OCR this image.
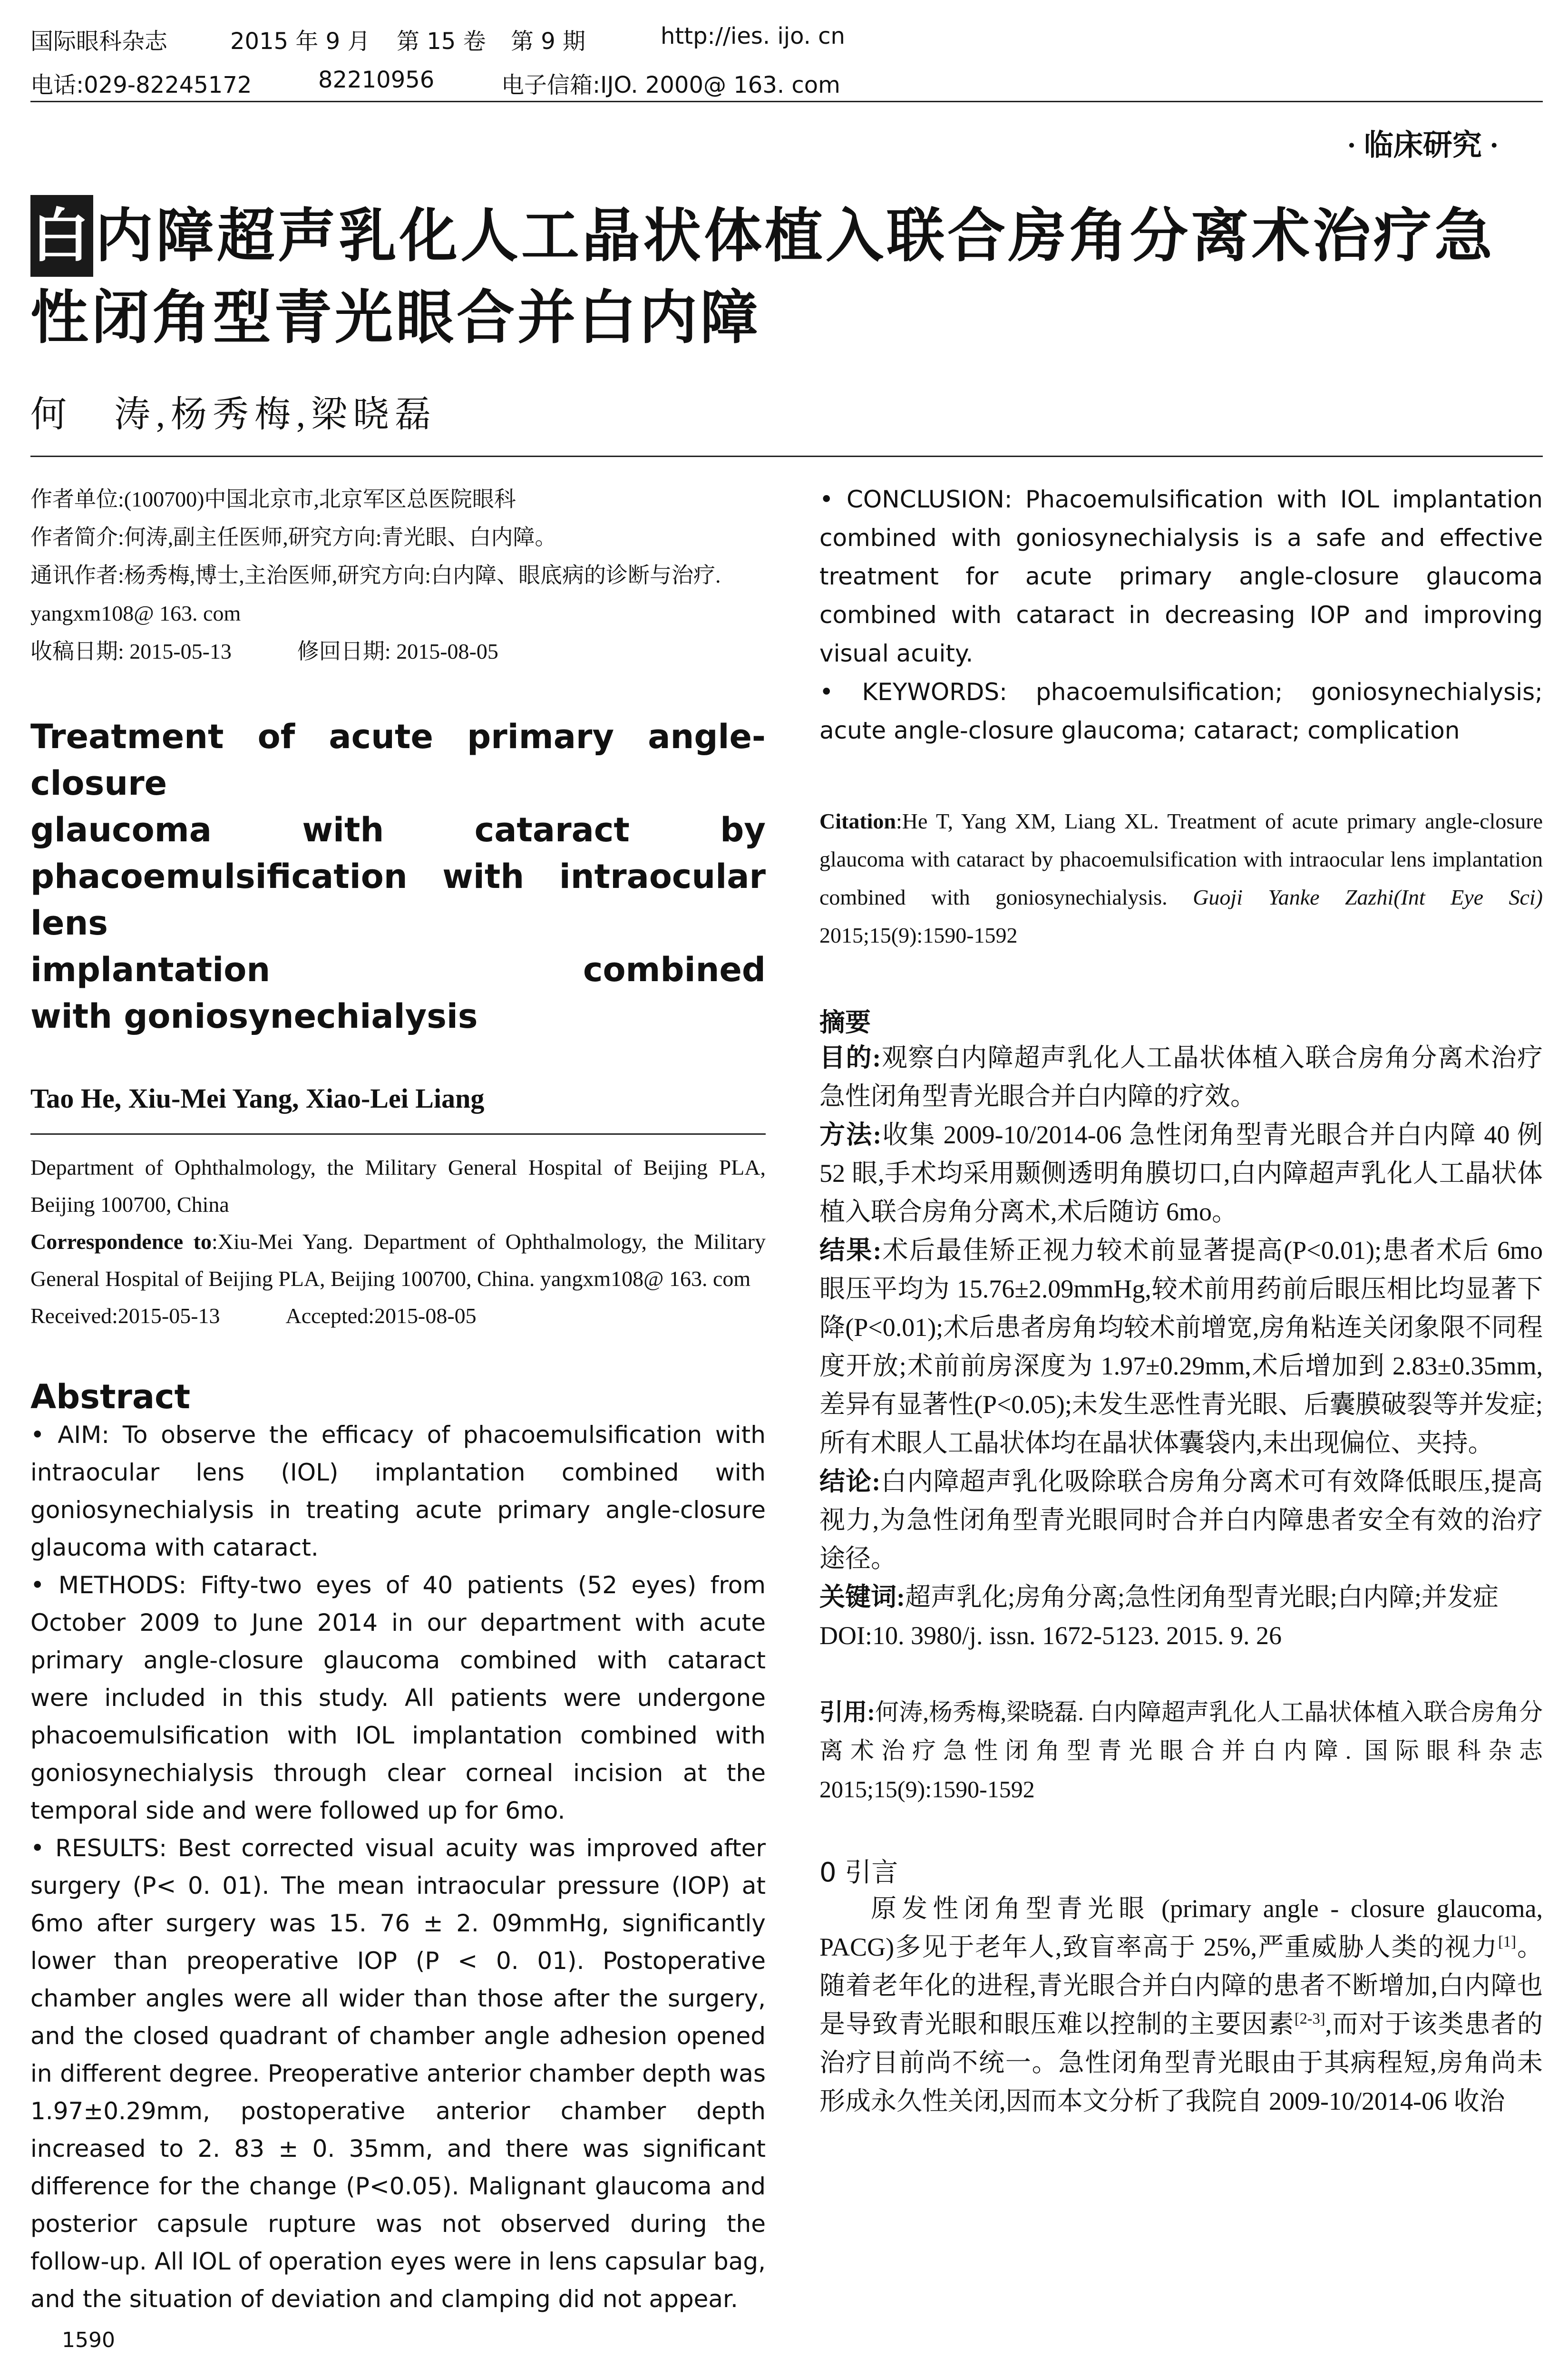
国际眼科杂志	2015 年 9 月 第 15 卷 第 9 期	http://ies. ijo. cn
电话:029-82245172	82210956	电子信箱:IJO. 2000@ 163. com
· 临床研究 ·
白内障超声乳化人工晶状体植入联合房角分离术治疗急性闭角型青光眼合并白内障
何　涛,杨秀梅,梁晓磊
作者单位:(100700)中国北京市,北京军区总医院眼科
作者简介:何涛,副主任医师,研究方向:青光眼、白内障。
通讯作者:杨秀梅,博士,主治医师,研究方向:白内障、眼底病的诊断与治疗. yangxm108@ 163. com
收稿日期: 2015-05-13　　　修回日期: 2015-08-05
Treatment of acute primary angle-closure
glaucoma with cataract by
phacoemulsification with intraocular lens
implantation combined
with goniosynechialysis
Tao He, Xiu-Mei Yang, Xiao-Lei Liang
Department of Ophthalmology, the Military General Hospital of Beijing PLA, Beijing 100700, China
Correspondence to:Xiu-Mei Yang. Department of Ophthalmology, the Military General Hospital of Beijing PLA, Beijing 100700, China. yangxm108@ 163. com
Received:2015-05-13　　　Accepted:2015-08-05
Abstract
• AIM: To observe the efficacy of phacoemulsification with intraocular lens (IOL) implantation combined with goniosynechialysis in treating acute primary angle-closure glaucoma with cataract.
• METHODS: Fifty-two eyes of 40 patients (52 eyes) from October 2009 to June 2014 in our department with acute primary angle-closure glaucoma combined with cataract were included in this study. All patients were undergone phacoemulsification with IOL implantation combined with goniosynechialysis through clear corneal incision at the temporal side and were followed up for 6mo.
• RESULTS: Best corrected visual acuity was improved after surgery (P< 0. 01). The mean intraocular pressure (IOP) at 6mo after surgery was 15. 76 ± 2. 09mmHg, significantly lower than preoperative IOP (P < 0. 01). Postoperative chamber angles were all wider than those after the surgery, and the closed quadrant of chamber angle adhesion opened in different degree. Preoperative anterior chamber depth was 1.97±0.29mm, postoperative anterior chamber depth increased to 2. 83 ± 0. 35mm, and there was significant difference for the change (P<0.05). Malignant glaucoma and posterior capsule rupture was not observed during the follow-up. All IOL of operation eyes were in lens capsular bag, and the situation of deviation and clamping did not appear.
• CONCLUSION: Phacoemulsification with IOL implantation combined with goniosynechialysis is a safe and effective treatment for acute primary angle-closure glaucoma combined with cataract in decreasing IOP and improving visual acuity.
• KEYWORDS: phacoemulsification; goniosynechialysis; acute angle-closure glaucoma; cataract; complication
Citation:He T, Yang XM, Liang XL. Treatment of acute primary angle-closure glaucoma with cataract by phacoemulsification with intraocular lens implantation combined with goniosynechialysis. Guoji Yanke Zazhi(Int Eye Sci) 2015;15(9):1590-1592
摘要
目的:观察白内障超声乳化人工晶状体植入联合房角分离术治疗急性闭角型青光眼合并白内障的疗效。
方法:收集 2009-10/2014-06 急性闭角型青光眼合并白内障 40 例 52 眼,手术均采用颞侧透明角膜切口,白内障超声乳化人工晶状体植入联合房角分离术,术后随访 6mo。
结果:术后最佳矫正视力较术前显著提高(P<0.01);患者术后 6mo 眼压平均为 15.76±2.09mmHg,较术前用药前后眼压相比均显著下降(P<0.01);术后患者房角均较术前增宽,房角粘连关闭象限不同程度开放;术前前房深度为 1.97±0.29mm,术后增加到 2.83±0.35mm,差异有显著性(P<0.05);未发生恶性青光眼、后囊膜破裂等并发症;所有术眼人工晶状体均在晶状体囊袋内,未出现偏位、夹持。
结论:白内障超声乳化吸除联合房角分离术可有效降低眼压,提高视力,为急性闭角型青光眼同时合并白内障患者安全有效的治疗途径。
关键词:超声乳化;房角分离;急性闭角型青光眼;白内障;并发症
DOI:10. 3980/j. issn. 1672-5123. 2015. 9. 26
引用:何涛,杨秀梅,梁晓磊. 白内障超声乳化人工晶状体植入联合房角分离术治疗急性闭角型青光眼合并白内障. 国际眼科杂志 2015;15(9):1590-1592
0 引言
原发性闭角型青光眼 (primary angle - closure glaucoma, PACG)多见于老年人,致盲率高于 25%,严重威胁人类的视力[1]。随着老年化的进程,青光眼合并白内障的患者不断增加,白内障也是导致青光眼和眼压难以控制的主要因素[2-3],而对于该类患者的治疗目前尚不统一。急性闭角型青光眼由于其病程短,房角尚未形成永久性关闭,因而本文分析了我院自 2009-10/2014-06 收治
1590
